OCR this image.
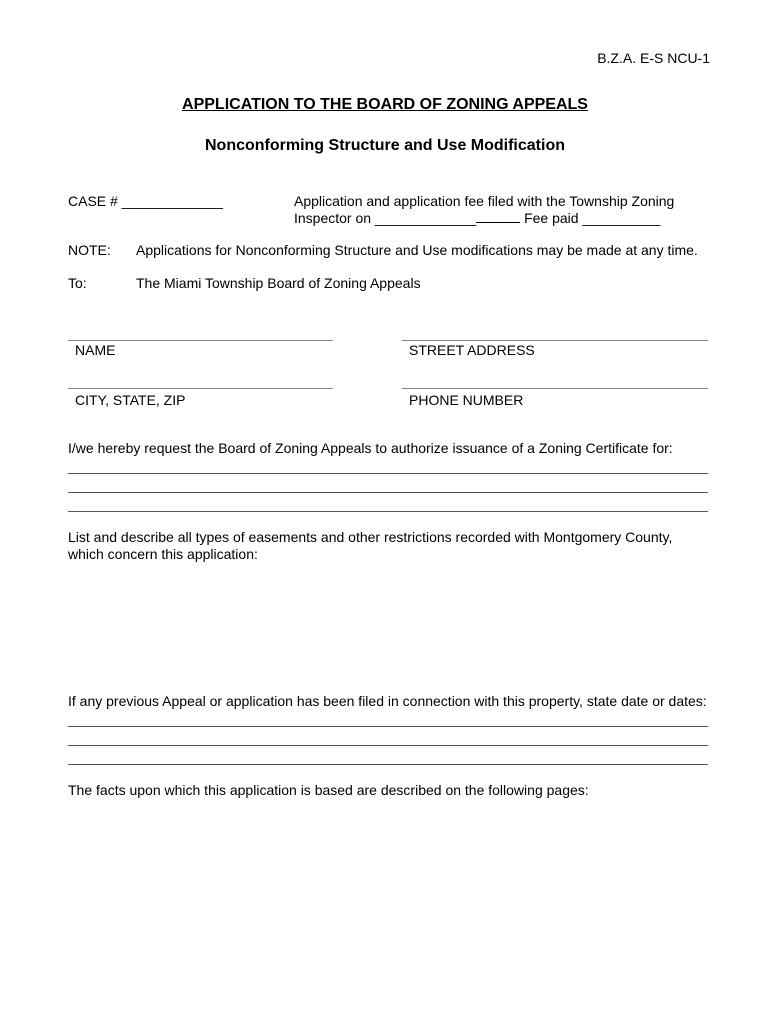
B.Z.A. E-S NCU-1
APPLICATION TO THE BOARD OF ZONING APPEALS
Nonconforming Structure and Use Modification
CASE # _____________	Application and application fee filed with the Township Zoning
Inspector on _____________	Fee paid __________
NOTE: Applications for Nonconforming Structure and Use modifications may be made at any time.
To:	The Miami Township Board of Zoning Appeals
NAME	STREET ADDRESS
CITY, STATE, ZIP	PHONE NUMBER
I/we hereby request the Board of Zoning Appeals to authorize issuance of a Zoning Certificate for:
List and describe all types of easements and other restrictions recorded with Montgomery County,
which concern this application:
If any previous Appeal or application has been filed in connection with this property, state date or dates:
The facts upon which this application is based are described on the following pages:
